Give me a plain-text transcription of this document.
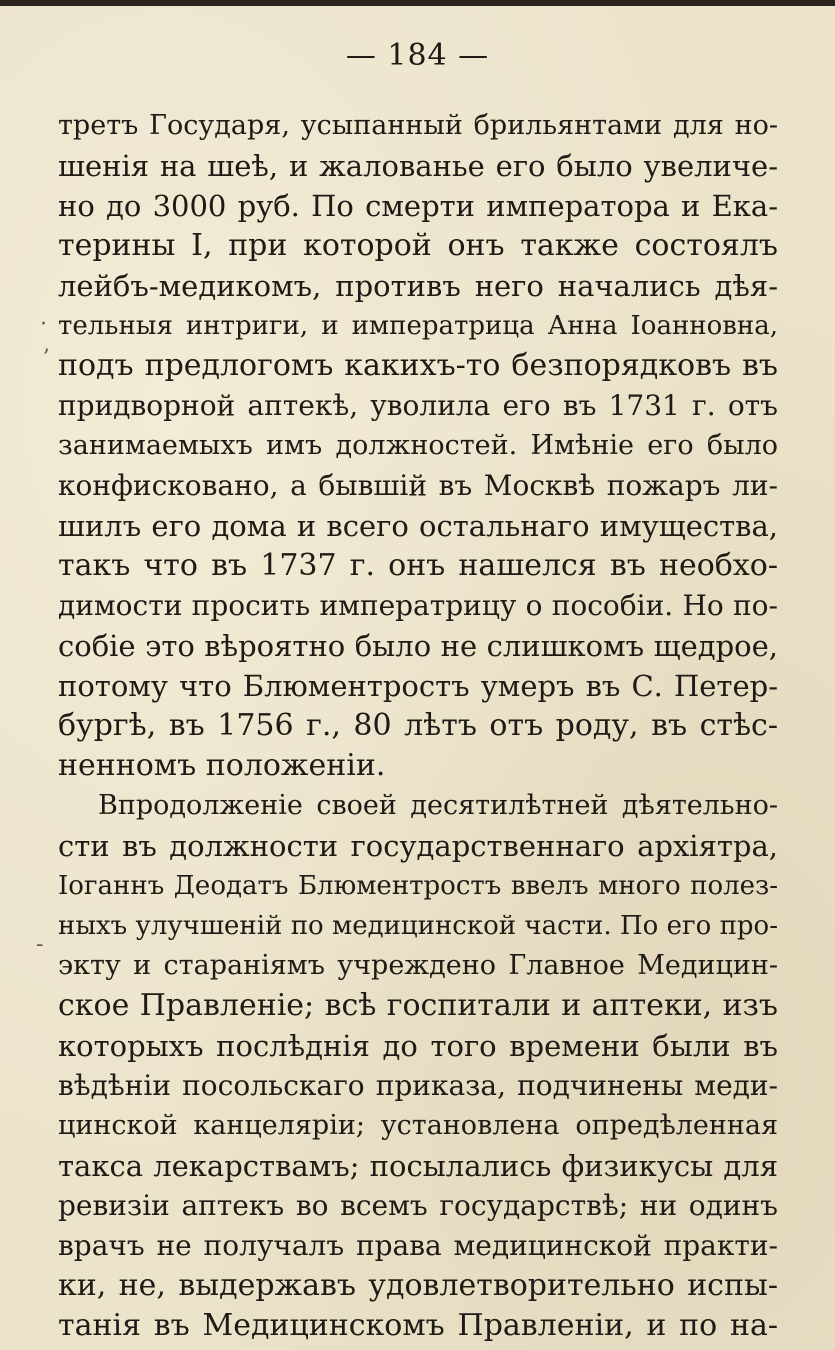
— 184 —
·
ʼ
-
третъ Государя, усыпанный брильянтами для но-
шенія на шеѣ, и жалованье его было увеличе-
но до 3000 руб. По смерти императора и Ека-
терины I, при которой онъ также состоялъ
лейбъ-медикомъ, противъ него начались дѣя-
тельныя интриги, и императрица Анна Іоанновна,
подъ предлогомъ какихъ-то безпорядковъ въ
придворной аптекѣ, уволила его въ 1731 г. отъ
занимаемыхъ имъ должностей. Имѣніе его было
конфисковано, а бывшій въ Москвѣ пожаръ ли-
шилъ его дома и всего остальнаго имущества,
такъ что въ 1737 г. онъ нашелся въ необхо-
димости просить императрицу о пособіи. Но по-
собіе это вѣроятно было не слишкомъ щедрое,
потому что Блюментростъ умеръ въ С. Петер-
бургѣ, въ 1756 г., 80 лѣтъ отъ роду, въ стѣс-
ненномъ положеніи.
Впродолженіе своей десятилѣтней дѣятельно-
сти въ должности государственнаго архіятра,
Іоганнъ Деодатъ Блюментростъ ввелъ много полез-
ныхъ улучшеній по медицинской части. По его про-
экту и стараніямъ учреждено Главное Медицин-
ское Правленіе; всѣ госпитали и аптеки, изъ
которыхъ послѣднія до того времени были въ
вѣдѣніи посольскаго приказа, подчинены меди-
цинской канцеляріи; установлена опредѣленная
такса лекарствамъ; посылались физикусы для
ревизіи аптекъ во всемъ государствѣ; ни одинъ
врачъ не получалъ права медицинской практи-
ки, не, выдержавъ удовлетворительно испы-
танія въ Медицинскомъ Правленіи, и по на-
